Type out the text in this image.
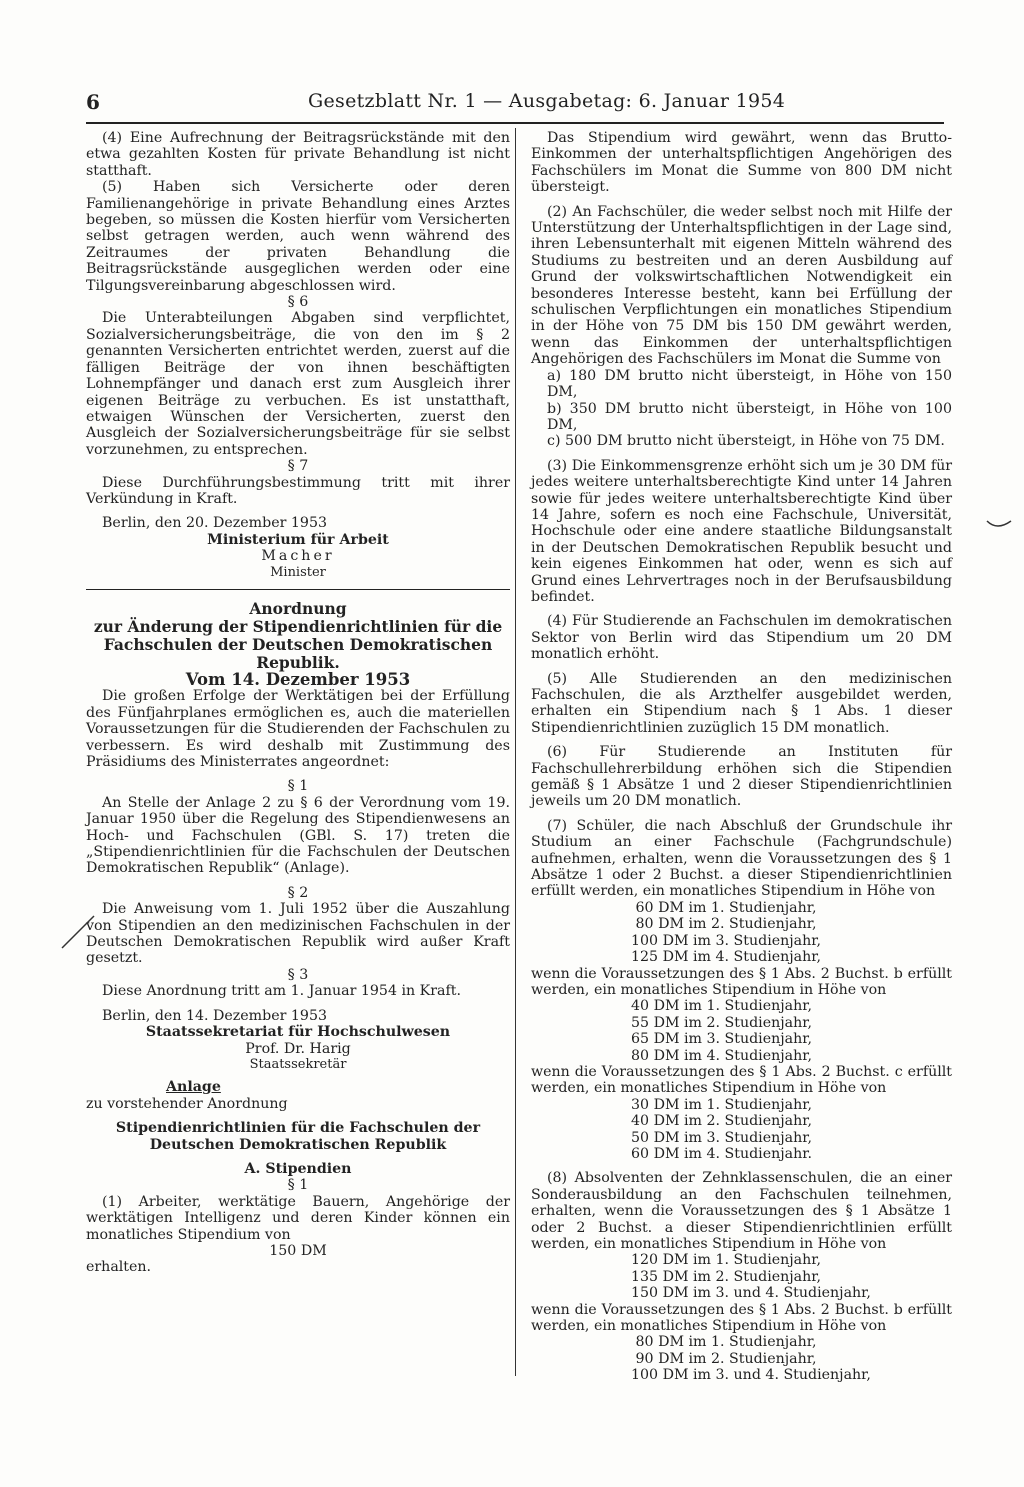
6	Gesetzblatt Nr. 1 — Ausgabetag: 6. Januar 1954

(4) Eine Aufrechnung der Beitragsrückstände mit den etwa gezahlten Kosten für private Behandlung ist nicht statthaft.

(5) Haben sich Versicherte oder deren Familienangehörige in private Behandlung eines Arztes begeben, so müssen die Kosten hierfür vom Versicherten selbst getragen werden, auch wenn während des Zeitraumes der privaten Behandlung die Beitragsrückstände ausgeglichen werden oder eine Tilgungsvereinbarung abgeschlossen wird.

§ 6

Die Unterabteilungen Abgaben sind verpflichtet, Sozialversicherungsbeiträge, die von den im § 2 genannten Versicherten entrichtet werden, zuerst auf die fälligen Beiträge der von ihnen beschäftigten Lohnempfänger und danach erst zum Ausgleich ihrer eigenen Beiträge zu verbuchen. Es ist unstatthaft, etwaigen Wünschen der Versicherten, zuerst den Ausgleich der Sozialversicherungsbeiträge für sie selbst vorzunehmen, zu entsprechen.

§ 7

Diese Durchführungsbestimmung tritt mit ihrer Verkündung in Kraft.

Berlin, den 20. Dezember 1953

Ministerium für Arbeit

Macher

Minister

Anordnung

zur Änderung der Stipendienrichtlinien für die Fachschulen der Deutschen Demokratischen Republik.

Vom 14. Dezember 1953

Die großen Erfolge der Werktätigen bei der Erfüllung des Fünfjahrplanes ermöglichen es, auch die materiellen Voraussetzungen für die Studierenden der Fachschulen zu verbessern. Es wird deshalb mit Zustimmung des Präsidiums des Ministerrates angeordnet:

§ 1

An Stelle der Anlage 2 zu § 6 der Verordnung vom 19. Januar 1950 über die Regelung des Stipendienwesens an Hoch- und Fachschulen (GBl. S. 17) treten die „Stipendienrichtlinien für die Fachschulen der Deutschen Demokratischen Republik“ (Anlage).

§ 2

Die Anweisung vom 1. Juli 1952 über die Auszahlung von Stipendien an den medizinischen Fachschulen in der Deutschen Demokratischen Republik wird außer Kraft gesetzt.

§ 3

Diese Anordnung tritt am 1. Januar 1954 in Kraft.

Berlin, den 14. Dezember 1953

Staatssekretariat für Hochschulwesen

Prof. Dr. Harig

Staatssekretär

Anlage

zu vorstehender Anordnung

Stipendienrichtlinien für die Fachschulen der Deutschen Demokratischen Republik

A. Stipendien

§ 1

(1) Arbeiter, werktätige Bauern, Angehörige der werktätigen Intelligenz und deren Kinder können ein monatliches Stipendium von

150 DM

erhalten.

Das Stipendium wird gewährt, wenn das Brutto-Einkommen der unterhaltspflichtigen Angehörigen des Fachschülers im Monat die Summe von 800 DM nicht übersteigt.

(2) An Fachschüler, die weder selbst noch mit Hilfe der Unterstützung der Unterhaltspflichtigen in der Lage sind, ihren Lebensunterhalt mit eigenen Mitteln während des Studiums zu bestreiten und an deren Ausbildung auf Grund der volkswirtschaftlichen Notwendigkeit ein besonderes Interesse besteht, kann bei Erfüllung der schulischen Verpflichtungen ein monatliches Stipendium in der Höhe von 75 DM bis 150 DM gewährt werden, wenn das Einkommen der unterhaltspflichtigen Angehörigen des Fachschülers im Monat die Summe von

a) 180 DM brutto nicht übersteigt, in Höhe von 150 DM,

b) 350 DM brutto nicht übersteigt, in Höhe von 100 DM,

c) 500 DM brutto nicht übersteigt, in Höhe von 75 DM.

(3) Die Einkommensgrenze erhöht sich um je 30 DM für jedes weitere unterhaltsberechtigte Kind unter 14 Jahren sowie für jedes weitere unterhaltsberechtigte Kind über 14 Jahre, sofern es noch eine Fachschule, Universität, Hochschule oder eine andere staatliche Bildungsanstalt in der Deutschen Demokratischen Republik besucht und kein eigenes Einkommen hat oder, wenn es sich auf Grund eines Lehrvertrages noch in der Berufsausbildung befindet.

(4) Für Studierende an Fachschulen im demokratischen Sektor von Berlin wird das Stipendium um 20 DM monatlich erhöht.

(5) Alle Studierenden an den medizinischen Fachschulen, die als Arzthelfer ausgebildet werden, erhalten ein Stipendium nach § 1 Abs. 1 dieser Stipendienrichtlinien zuzüglich 15 DM monatlich.

(6) Für Studierende an Instituten für Fachschullehrerbildung erhöhen sich die Stipendien gemäß § 1 Absätze 1 und 2 dieser Stipendienrichtlinien jeweils um 20 DM monatlich.

(7) Schüler, die nach Abschluß der Grundschule ihr Studium an einer Fachschule (Fachgrundschule) aufnehmen, erhalten, wenn die Voraussetzungen des § 1 Absätze 1 oder 2 Buchst. a dieser Stipendienrichtlinien erfüllt werden, ein monatliches Stipendium in Höhe von

60 DM im 1. Studienjahr,
80 DM im 2. Studienjahr,
100 DM im 3. Studienjahr,
125 DM im 4. Studienjahr,

wenn die Voraussetzungen des § 1 Abs. 2 Buchst. b erfüllt werden, ein monatliches Stipendium in Höhe von

40 DM im 1. Studienjahr,
55 DM im 2. Studienjahr,
65 DM im 3. Studienjahr,
80 DM im 4. Studienjahr,

wenn die Voraussetzungen des § 1 Abs. 2 Buchst. c erfüllt werden, ein monatliches Stipendium in Höhe von

30 DM im 1. Studienjahr,
40 DM im 2. Studienjahr,
50 DM im 3. Studienjahr,
60 DM im 4. Studienjahr.

(8) Absolventen der Zehnklassenschulen, die an einer Sonderausbildung an den Fachschulen teilnehmen, erhalten, wenn die Voraussetzungen des § 1 Absätze 1 oder 2 Buchst. a dieser Stipendienrichtlinien erfüllt werden, ein monatliches Stipendium in Höhe von

120 DM im 1. Studienjahr,
135 DM im 2. Studienjahr,
150 DM im 3. und 4. Studienjahr,

wenn die Voraussetzungen des § 1 Abs. 2 Buchst. b erfüllt werden, ein monatliches Stipendium in Höhe von

80 DM im 1. Studienjahr,
90 DM im 2. Studienjahr,
100 DM im 3. und 4. Studienjahr,
